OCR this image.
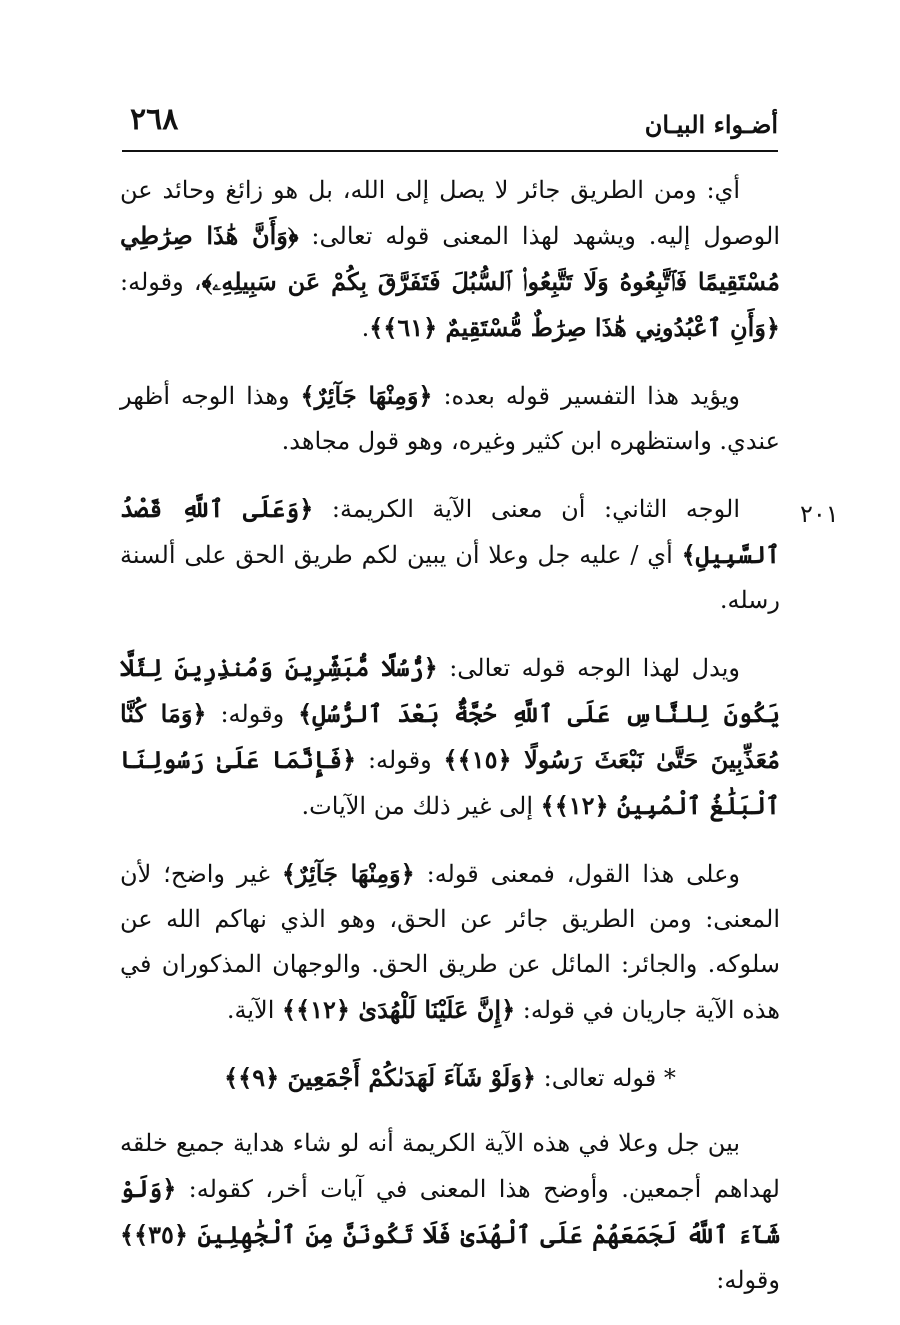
٢٦٨	أضـواء البيـان
٢٠١

أي: ومن الطريق جائر لا يصل إلى الله، بل هو زائغ وحائد عن الوصول إليه. ويشهد لهذا المعنى قوله تعالى: ﴿وَأَنَّ هَٰذَا صِرَٰطِي مُسْتَقِيمًا فَٱتَّبِعُوهُ وَلَا تَتَّبِعُوا۟ ٱلسُّبُلَ فَتَفَرَّقَ بِكُمْ عَن سَبِيلِهِۦ﴾، وقوله: ﴿وَأَنِ ٱعْبُدُونِي هَٰذَا صِرَٰطٌ مُّسْتَقِيمٌ ﴿٦١﴾﴾.

ويؤيد هذا التفسير قوله بعده: ﴿وَمِنْهَا جَآئِرٌ﴾ وهذا الوجه أظهر عندي. واستظهره ابن كثير وغيره، وهو قول مجاهد.

الوجه الثاني: أن معنى الآية الكريمة: ﴿وَعَلَى ٱللَّهِ قَصْدُ ٱلسَّبِيلِ﴾ أي / عليه جل وعلا أن يبين لكم طريق الحق على ألسنة رسله.

ويدل لهذا الوجه قوله تعالى: ﴿رُّسُلًا مُّبَشِّرِينَ وَمُنذِرِينَ لِئَلَّا يَكُونَ لِلنَّاسِ عَلَى ٱللَّهِ حُجَّةٌۢ بَعْدَ ٱلرُّسُلِ﴾ وقوله: ﴿وَمَا كُنَّا مُعَذِّبِينَ حَتَّىٰ نَبْعَثَ رَسُولًا ﴿١٥﴾﴾ وقوله: ﴿فَإِنَّمَا عَلَىٰ رَسُولِنَا ٱلْبَلَٰغُ ٱلْمُبِينُ ﴿١٢﴾﴾ إلى غير ذلك من الآيات.

وعلى هذا القول، فمعنى قوله: ﴿وَمِنْهَا جَآئِرٌ﴾ غير واضح؛ لأن المعنى: ومن الطريق جائر عن الحق، وهو الذي نهاكم الله عن سلوكه. والجائر: المائل عن طريق الحق. والوجهان المذكوران في هذه الآية جاريان في قوله: ﴿إِنَّ عَلَيْنَا لَلْهُدَىٰ ﴿١٢﴾﴾ الآية.

* قوله تعالى: ﴿وَلَوْ شَآءَ لَهَدَىٰكُمْ أَجْمَعِينَ ﴿٩﴾﴾

بين جل وعلا في هذه الآية الكريمة أنه لو شاء هداية جميع خلقه لهداهم أجمعين. وأوضح هذا المعنى في آيات أخر، كقوله: ﴿وَلَوْ شَآءَ ٱللَّهُ لَجَمَعَهُمْ عَلَى ٱلْهُدَىٰ فَلَا تَكُونَنَّ مِنَ ٱلْجَٰهِلِينَ ﴿٣٥﴾﴾ وقوله:
